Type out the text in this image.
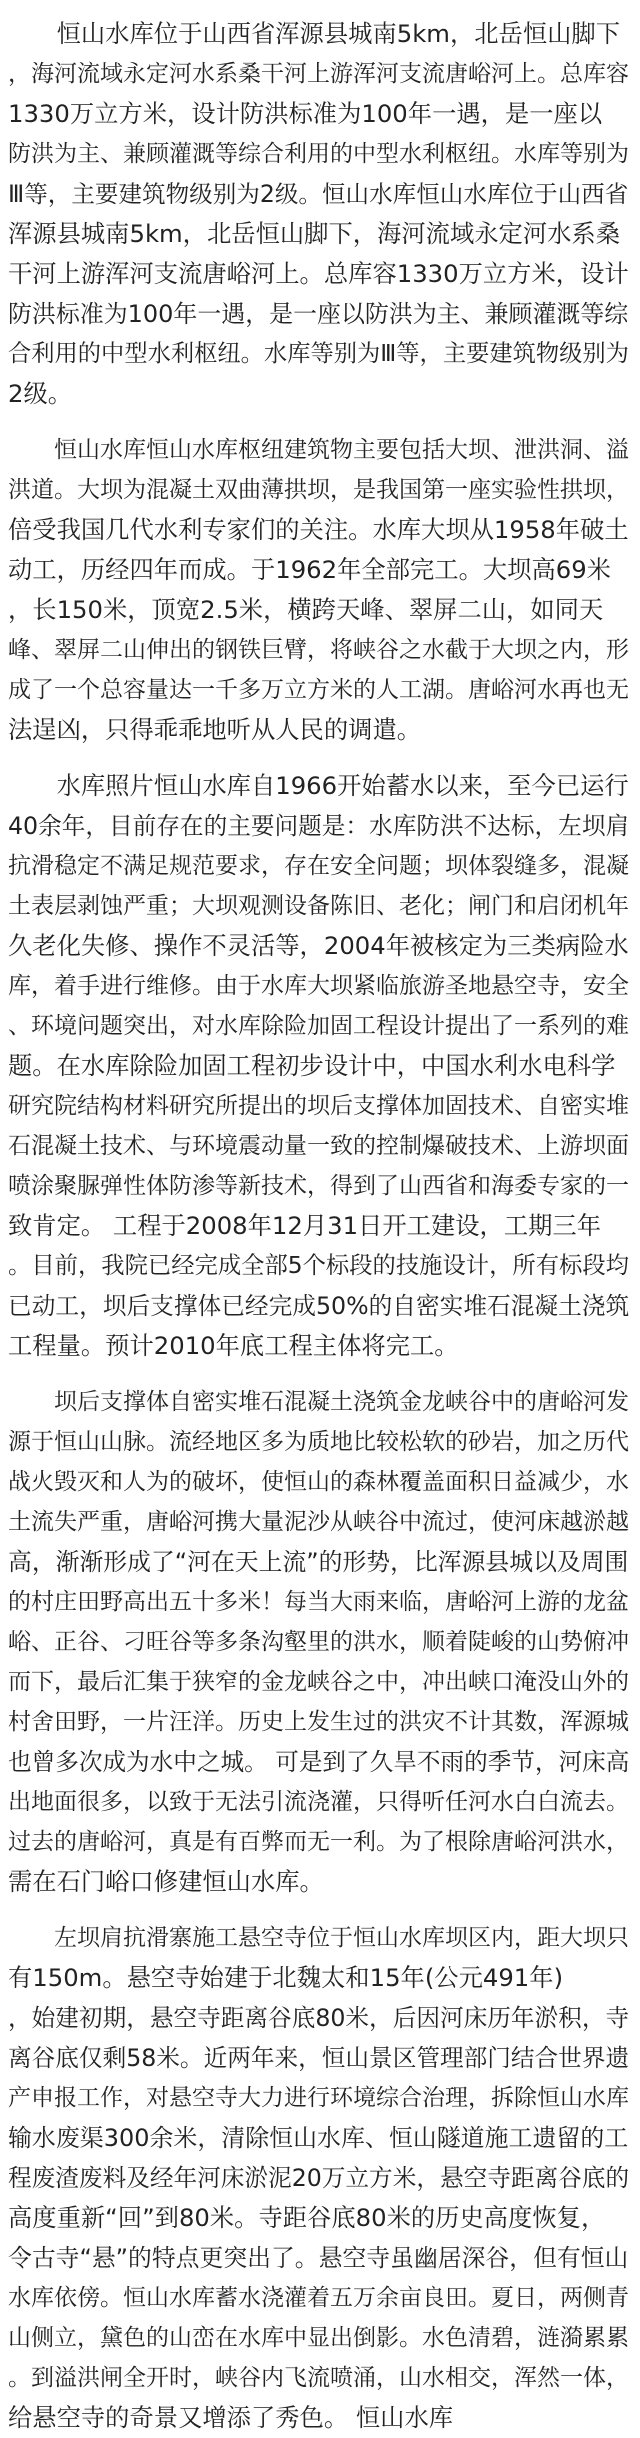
恒山水库位于山西省浑源县城南5km，北岳恒山脚下
，海河流域永定河水系桑干河上游浑河支流唐峪河上。总库容
1330万立方米，设计防洪标准为100年一遇，是一座以
防洪为主、兼顾灌溉等综合利用的中型水利枢纽。水库等别为
Ⅲ等，主要建筑物级别为2级。恒山水库恒山水库位于山西省
浑源县城南5km，北岳恒山脚下，海河流域永定河水系桑
干河上游浑河支流唐峪河上。总库容1330万立方米，设计
防洪标准为100年一遇，是一座以防洪为主、兼顾灌溉等综
合利用的中型水利枢纽。水库等别为Ⅲ等，主要建筑物级别为
2级。
恒山水库恒山水库枢纽建筑物主要包括大坝、泄洪洞、溢
洪道。大坝为混凝土双曲薄拱坝，是我国第一座实验性拱坝，
倍受我国几代水利专家们的关注。水库大坝从1958年破土
动工，历经四年而成。于1962年全部完工。大坝高69米
，长150米，顶宽2.5米，横跨天峰、翠屏二山，如同天
峰、翠屏二山伸出的钢铁巨臂，将峡谷之水截于大坝之内，形
成了一个总容量达一千多万立方米的人工湖。唐峪河水再也无
法逞凶，只得乖乖地听从人民的调遣。
水库照片恒山水库自1966开始蓄水以来，至今已运行
40余年，目前存在的主要问题是：水库防洪不达标，左坝肩
抗滑稳定不满足规范要求，存在安全问题；坝体裂缝多，混凝
土表层剥蚀严重；大坝观测设备陈旧、老化；闸门和启闭机年
久老化失修、操作不灵活等，2004年被核定为三类病险水
库，着手进行维修。由于水库大坝紧临旅游圣地悬空寺，安全
、环境问题突出，对水库除险加固工程设计提出了一系列的难
题。在水库除险加固工程初步设计中，中国水利水电科学
研究院结构材料研究所提出的坝后支撑体加固技术、自密实堆
石混凝土技术、与环境震动量一致的控制爆破技术、上游坝面
喷涂聚脲弹性体防渗等新技术，得到了山西省和海委专家的一
致肯定。 工程于2008年12月31日开工建设，工期三年
。目前，我院已经完成全部5个标段的技施设计，所有标段均
已动工，坝后支撑体已经完成50%的自密实堆石混凝土浇筑
工程量。预计2010年底工程主体将完工。
坝后支撑体自密实堆石混凝土浇筑金龙峡谷中的唐峪河发
源于恒山山脉。流经地区多为质地比较松软的砂岩，加之历代
战火毁灭和人为的破坏，使恒山的森林覆盖面积日益减少，水
土流失严重，唐峪河携大量泥沙从峡谷中流过，使河床越淤越
高，渐渐形成了“河在天上流”的形势，比浑源县城以及周围
的村庄田野高出五十多米！每当大雨来临，唐峪河上游的龙盆
峪、正谷、刁旺谷等多条沟壑里的洪水，顺着陡峻的山势俯冲
而下，最后汇集于狭窄的金龙峡谷之中，冲出峡口淹没山外的
村舍田野，一片汪洋。历史上发生过的洪灾不计其数，浑源城
也曾多次成为水中之城。 可是到了久旱不雨的季节，河床高
出地面很多，以致于无法引流浇灌，只得听任河水白白流去。
过去的唐峪河，真是有百弊而无一利。为了根除唐峪河洪水，
需在石门峪口修建恒山水库。
左坝肩抗滑寨施工悬空寺位于恒山水库坝区内，距大坝只
有150m。悬空寺始建于北魏太和15年(公元491年)
，始建初期，悬空寺距离谷底80米，后因河床历年淤积，寺
离谷底仅剩58米。近两年来，恒山景区管理部门结合世界遗
产申报工作，对悬空寺大力进行环境综合治理，拆除恒山水库
输水废渠300余米，清除恒山水库、恒山隧道施工遗留的工
程废渣废料及经年河床淤泥20万立方米，悬空寺距离谷底的
高度重新“回”到80米。寺距谷底80米的历史高度恢复，
令古寺“悬”的特点更突出了。悬空寺虽幽居深谷，但有恒山
水库依傍。恒山水库蓄水浇灌着五万余亩良田。夏日，两侧青
山侧立，黛色的山峦在水库中显出倒影。水色清碧，涟漪累累
。到溢洪闸全开时，峡谷内飞流喷涌，山水相交，浑然一体，
给悬空寺的奇景又增添了秀色。 恒山水库
